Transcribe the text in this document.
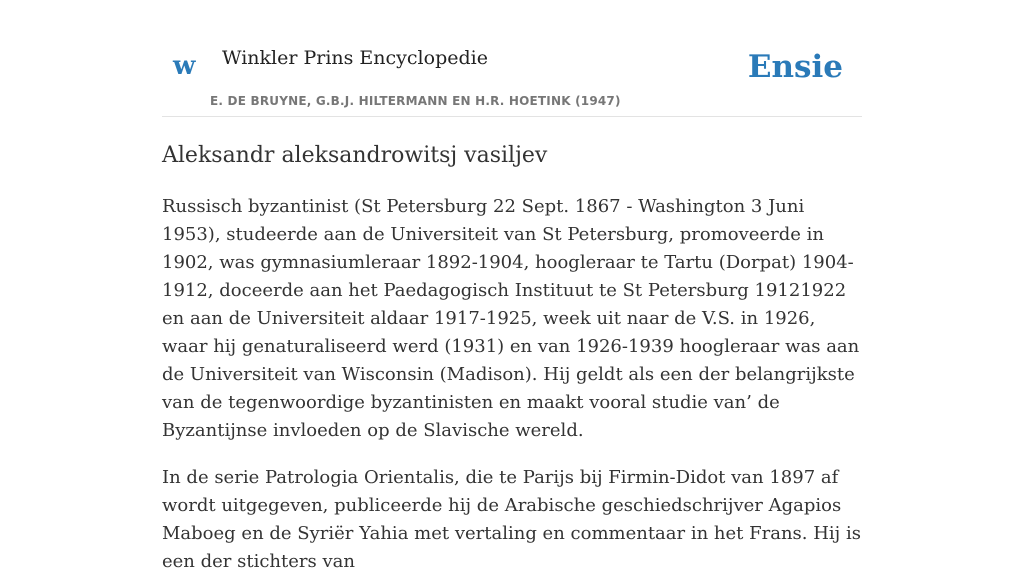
w Winkler Prins Encyclopedie
E. DE BRUYNE, G.B.J. HILTERMANN EN H.R. HOETINK (1947)
Ensie
Aleksandr aleksandrowitsj vasiljev

Russisch byzantinist (St Petersburg 22 Sept. 1867 - Washington 3 Juni 1953), studeerde aan de Universiteit van St Petersburg, promoveerde in 1902, was gymnasiumleraar 1892-1904, hoogleraar te Tartu (Dorpat) 1904-1912, doceerde aan het Paedagogisch Instituut te St Petersburg 19121922 en aan de Universiteit aldaar 1917-1925, week uit naar de V.S. in 1926, waar hij genaturaliseerd werd (1931) en van 1926-1939 hoogleraar was aan de Universiteit van Wisconsin (Madison). Hij geldt als een der belangrijkste van de tegenwoordige byzantinisten en maakt vooral studie van’ de Byzantijnse invloeden op de Slavische wereld.

In de serie Patrologia Orientalis, die te Parijs bij Firmin-Didot van 1897 af wordt uitgegeven, publiceerde hij de Arabische geschiedschrijver Agapios Maboeg en de Syriër Yahia met vertaling en commentaar in het Frans. Hij is een der stichters van
